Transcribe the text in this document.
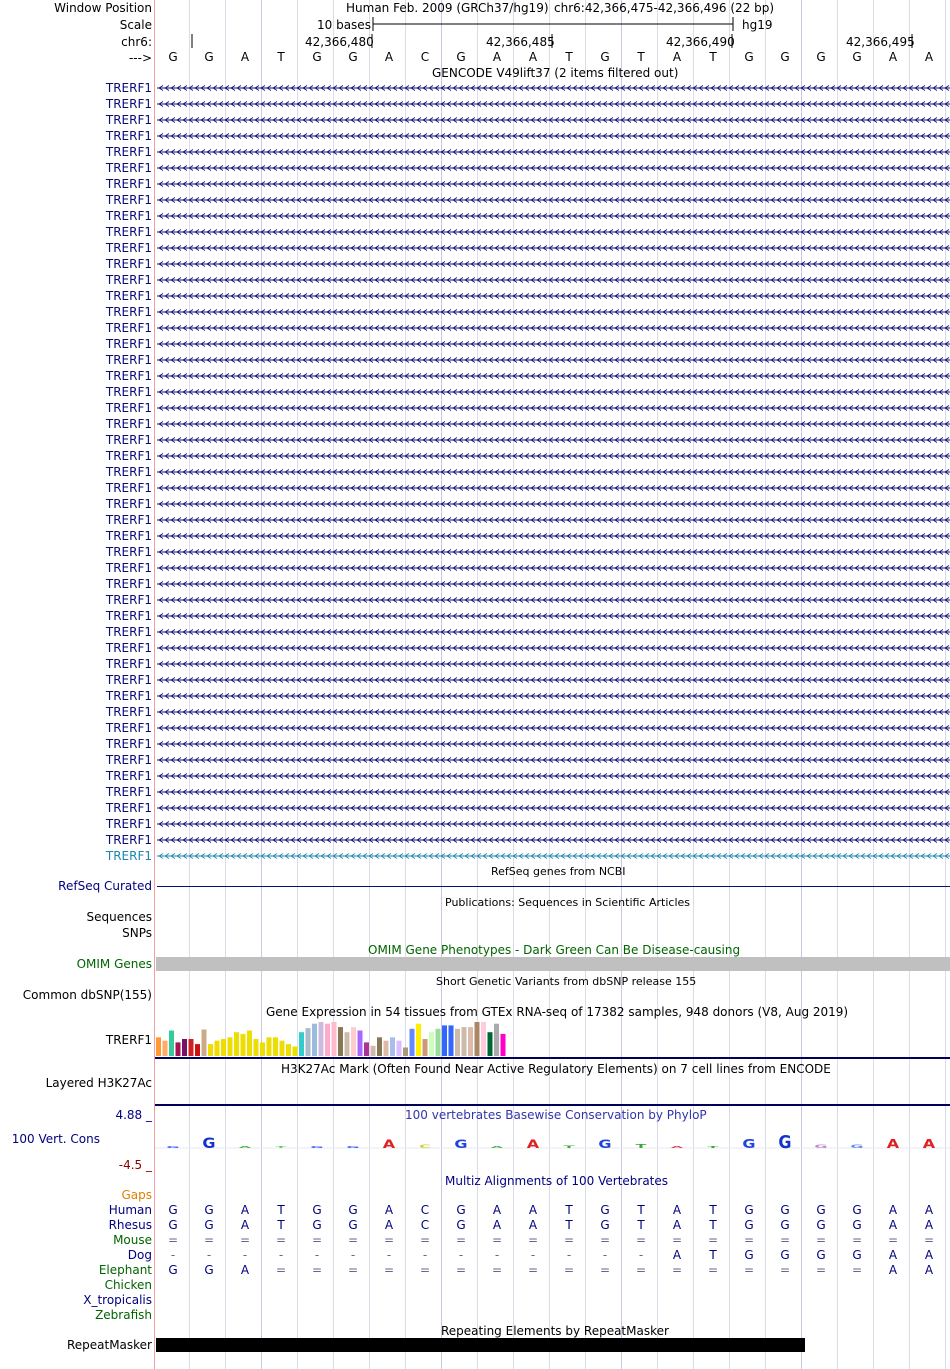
Window Position
Scale
chr6:
--->
TRERF1
TRERF1
TRERF1
TRERF1
TRERF1
TRERF1
TRERF1
TRERF1
TRERF1
TRERF1
TRERF1
TRERF1
TRERF1
TRERF1
TRERF1
TRERF1
TRERF1
TRERF1
TRERF1
TRERF1
TRERF1
TRERF1
TRERF1
TRERF1
TRERF1
TRERF1
TRERF1
TRERF1
TRERF1
TRERF1
TRERF1
TRERF1
TRERF1
TRERF1
TRERF1
TRERF1
TRERF1
TRERF1
TRERF1
TRERF1
TRERF1
TRERF1
TRERF1
TRERF1
TRERF1
TRERF1
TRERF1
TRERF1
TRERF1
RefSeq Curated
Sequences
SNPs
OMIM Genes
Common dbSNP(155)
TRERF1
Layered H3K27Ac
4.88 _
100 Vert. Cons
-4.5 _
Gaps
Human
Rhesus
Mouse
Dog
Elephant
Chicken
X_tropicalis
Zebrafish
RepeatMasker
Human Feb. 2009 (GRCh37/hg19) chr6:42,366,475-42,366,496 (22 bp)
10 bases	hg19
42,366,480	42,366,485	42,366,490	42,366,495
G	G	A	T	G	G	A	C	G	A	A	T	G	T	A	T	G	G	G	G	A	A
GENCODE V49lift37 (2 items filtered out)
RefSeq genes from NCBI
Publications: Sequences in Scientific Articles
OMIM Gene Phenotypes - Dark Green Can Be Disease-causing
Short Genetic Variants from dbSNP release 155
Gene Expression in 54 tissues from GTEx RNA-seq of 17382 samples, 948 donors (V8, Aug 2019)
H3K27Ac Mark (Often Found Near Active Regulatory Elements) on 7 cell lines from ENCODE
100 vertebrates Basewise Conservation by PhyloP
G G A T G G A C G A A T G T A T G G G G A A
Multiz Alignments of 100 Vertebrates
G	G	A	T	G	G	A	C	G	A	A	T	G	T	A	T	G	G	G	G	A	A
G	G	A	T	G	G	A	C	G	A	A	T	G	T	A	T	G	G	G	G	A	A
=	=	=	=	=	=	=	=	=	=	=	=	=	=	=	=	=	=	=	=	=	=
-	-	-	-	-	-	-	-	-	-	-	-	-	-	A	T	G	G	G	G	A	A
G	G	A	=	=	=	=	=	=	=	=	=	=	=	=	=	=	=	=	=	A	A
Repeating Elements by RepeatMasker
